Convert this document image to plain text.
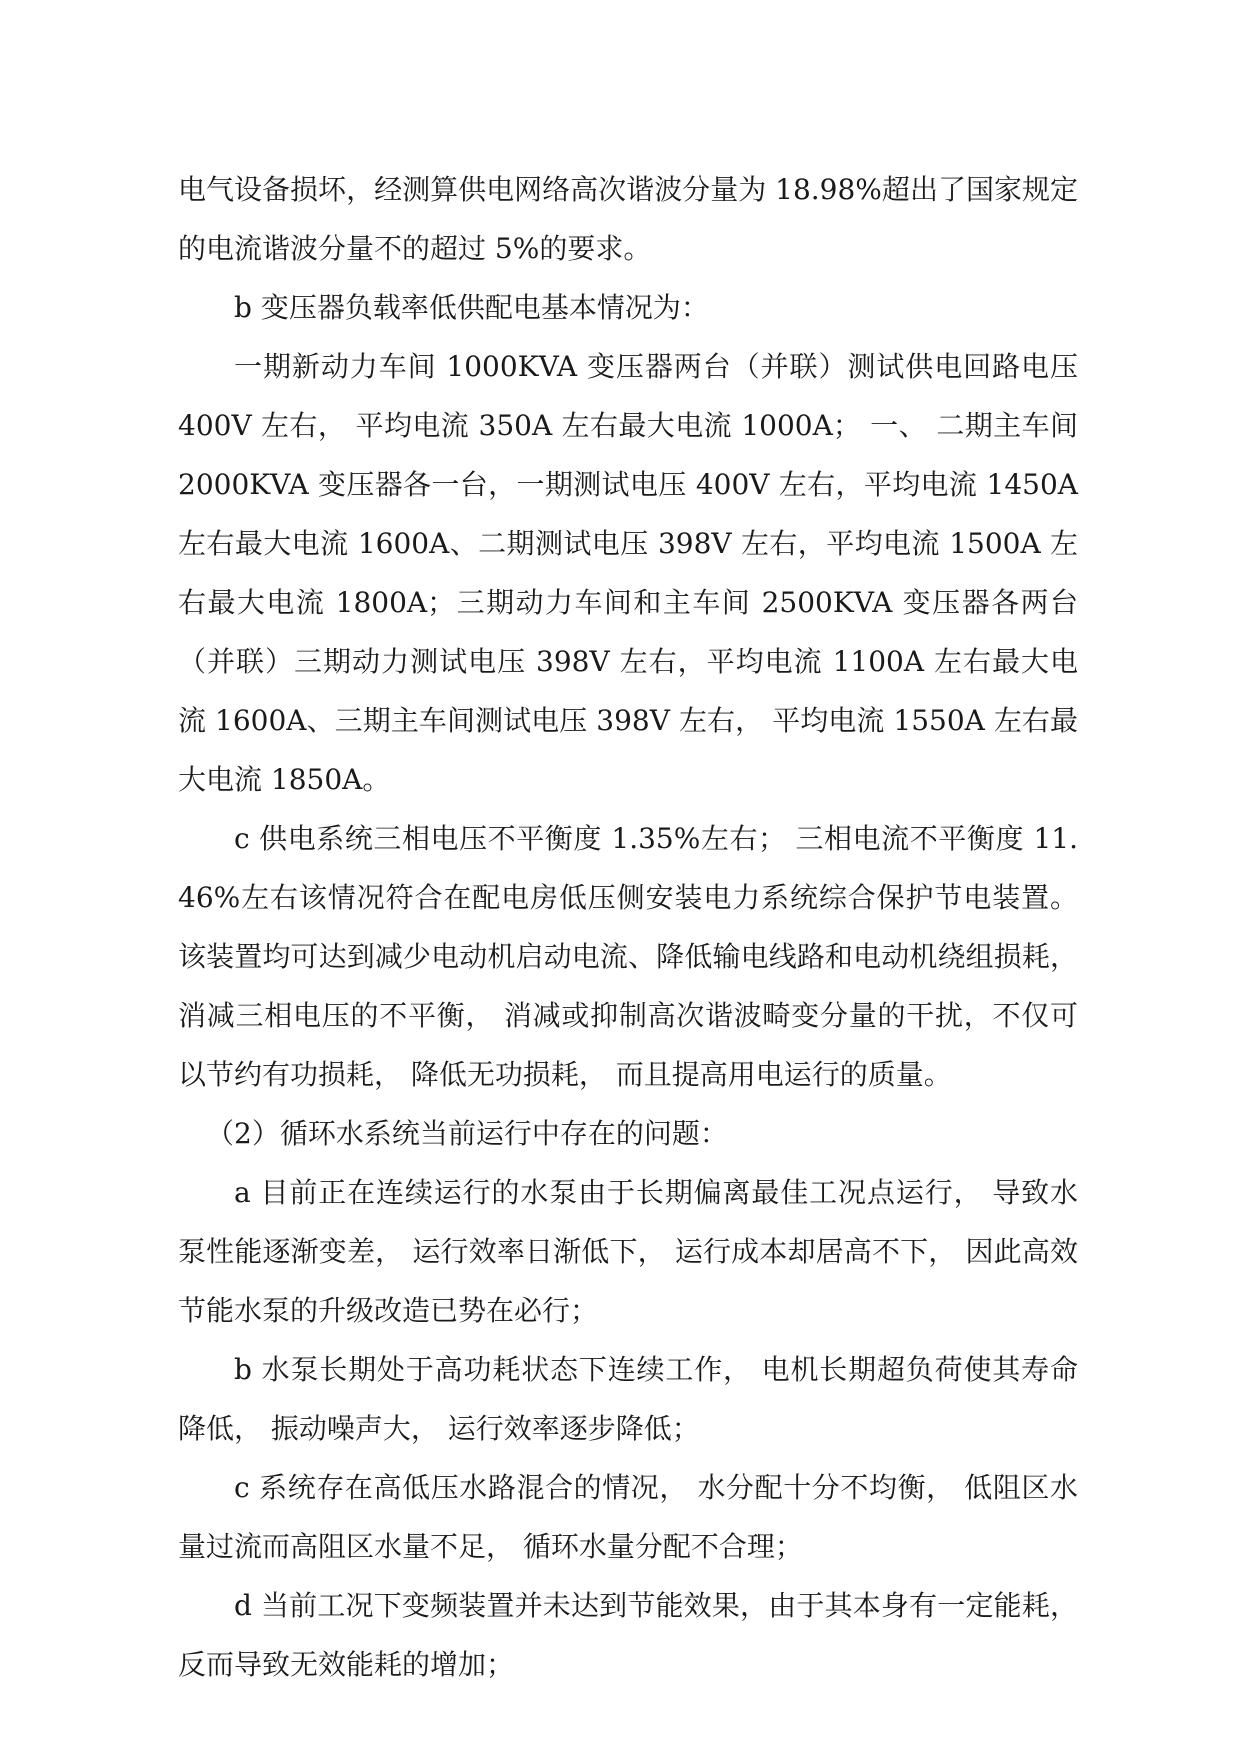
电气设备损坏，经测算供电网络高次谐波分量为 18.98%超出了国家规定的电流谐波分量不的超过 5%的要求。

b 变压器负载率低供配电基本情况为：

一期新动力车间 1000KVA 变压器两台（并联）测试供电回路电压 400V 左右， 平均电流 350A 左右最大电流 1000A； 一、 二期主车间 2000KVA 变压器各一台，一期测试电压 400V 左右，平均电流 1450A 左右最大电流 1600A、二期测试电压 398V 左右，平均电流 1500A 左右最大电流 1800A；三期动力车间和主车间 2500KVA 变压器各两台（并联）三期动力测试电压 398V 左右，平均电流 1100A 左右最大电流 1600A、三期主车间测试电压 398V 左右， 平均电流 1550A 左右最大电流 1850A。

c 供电系统三相电压不平衡度 1.35%左右； 三相电流不平衡度 11.46%左右该情况符合在配电房低压侧安装电力系统综合保护节电装置。该装置均可达到减少电动机启动电流、降低输电线路和电动机绕组损耗， 消减三相电压的不平衡， 消减或抑制高次谐波畸变分量的干扰，不仅可以节约有功损耗， 降低无功损耗， 而且提高用电运行的质量。

（2）循环水系统当前运行中存在的问题：

a 目前正在连续运行的水泵由于长期偏离最佳工况点运行， 导致水泵性能逐渐变差， 运行效率日渐低下， 运行成本却居高不下， 因此高效节能水泵的升级改造已势在必行；

b 水泵长期处于高功耗状态下连续工作， 电机长期超负荷使其寿命降低， 振动噪声大， 运行效率逐步降低；

c 系统存在高低压水路混合的情况， 水分配十分不均衡， 低阻区水量过流而高阻区水量不足， 循环水量分配不合理；

d 当前工况下变频装置并未达到节能效果，由于其本身有一定能耗，反而导致无效能耗的增加；
